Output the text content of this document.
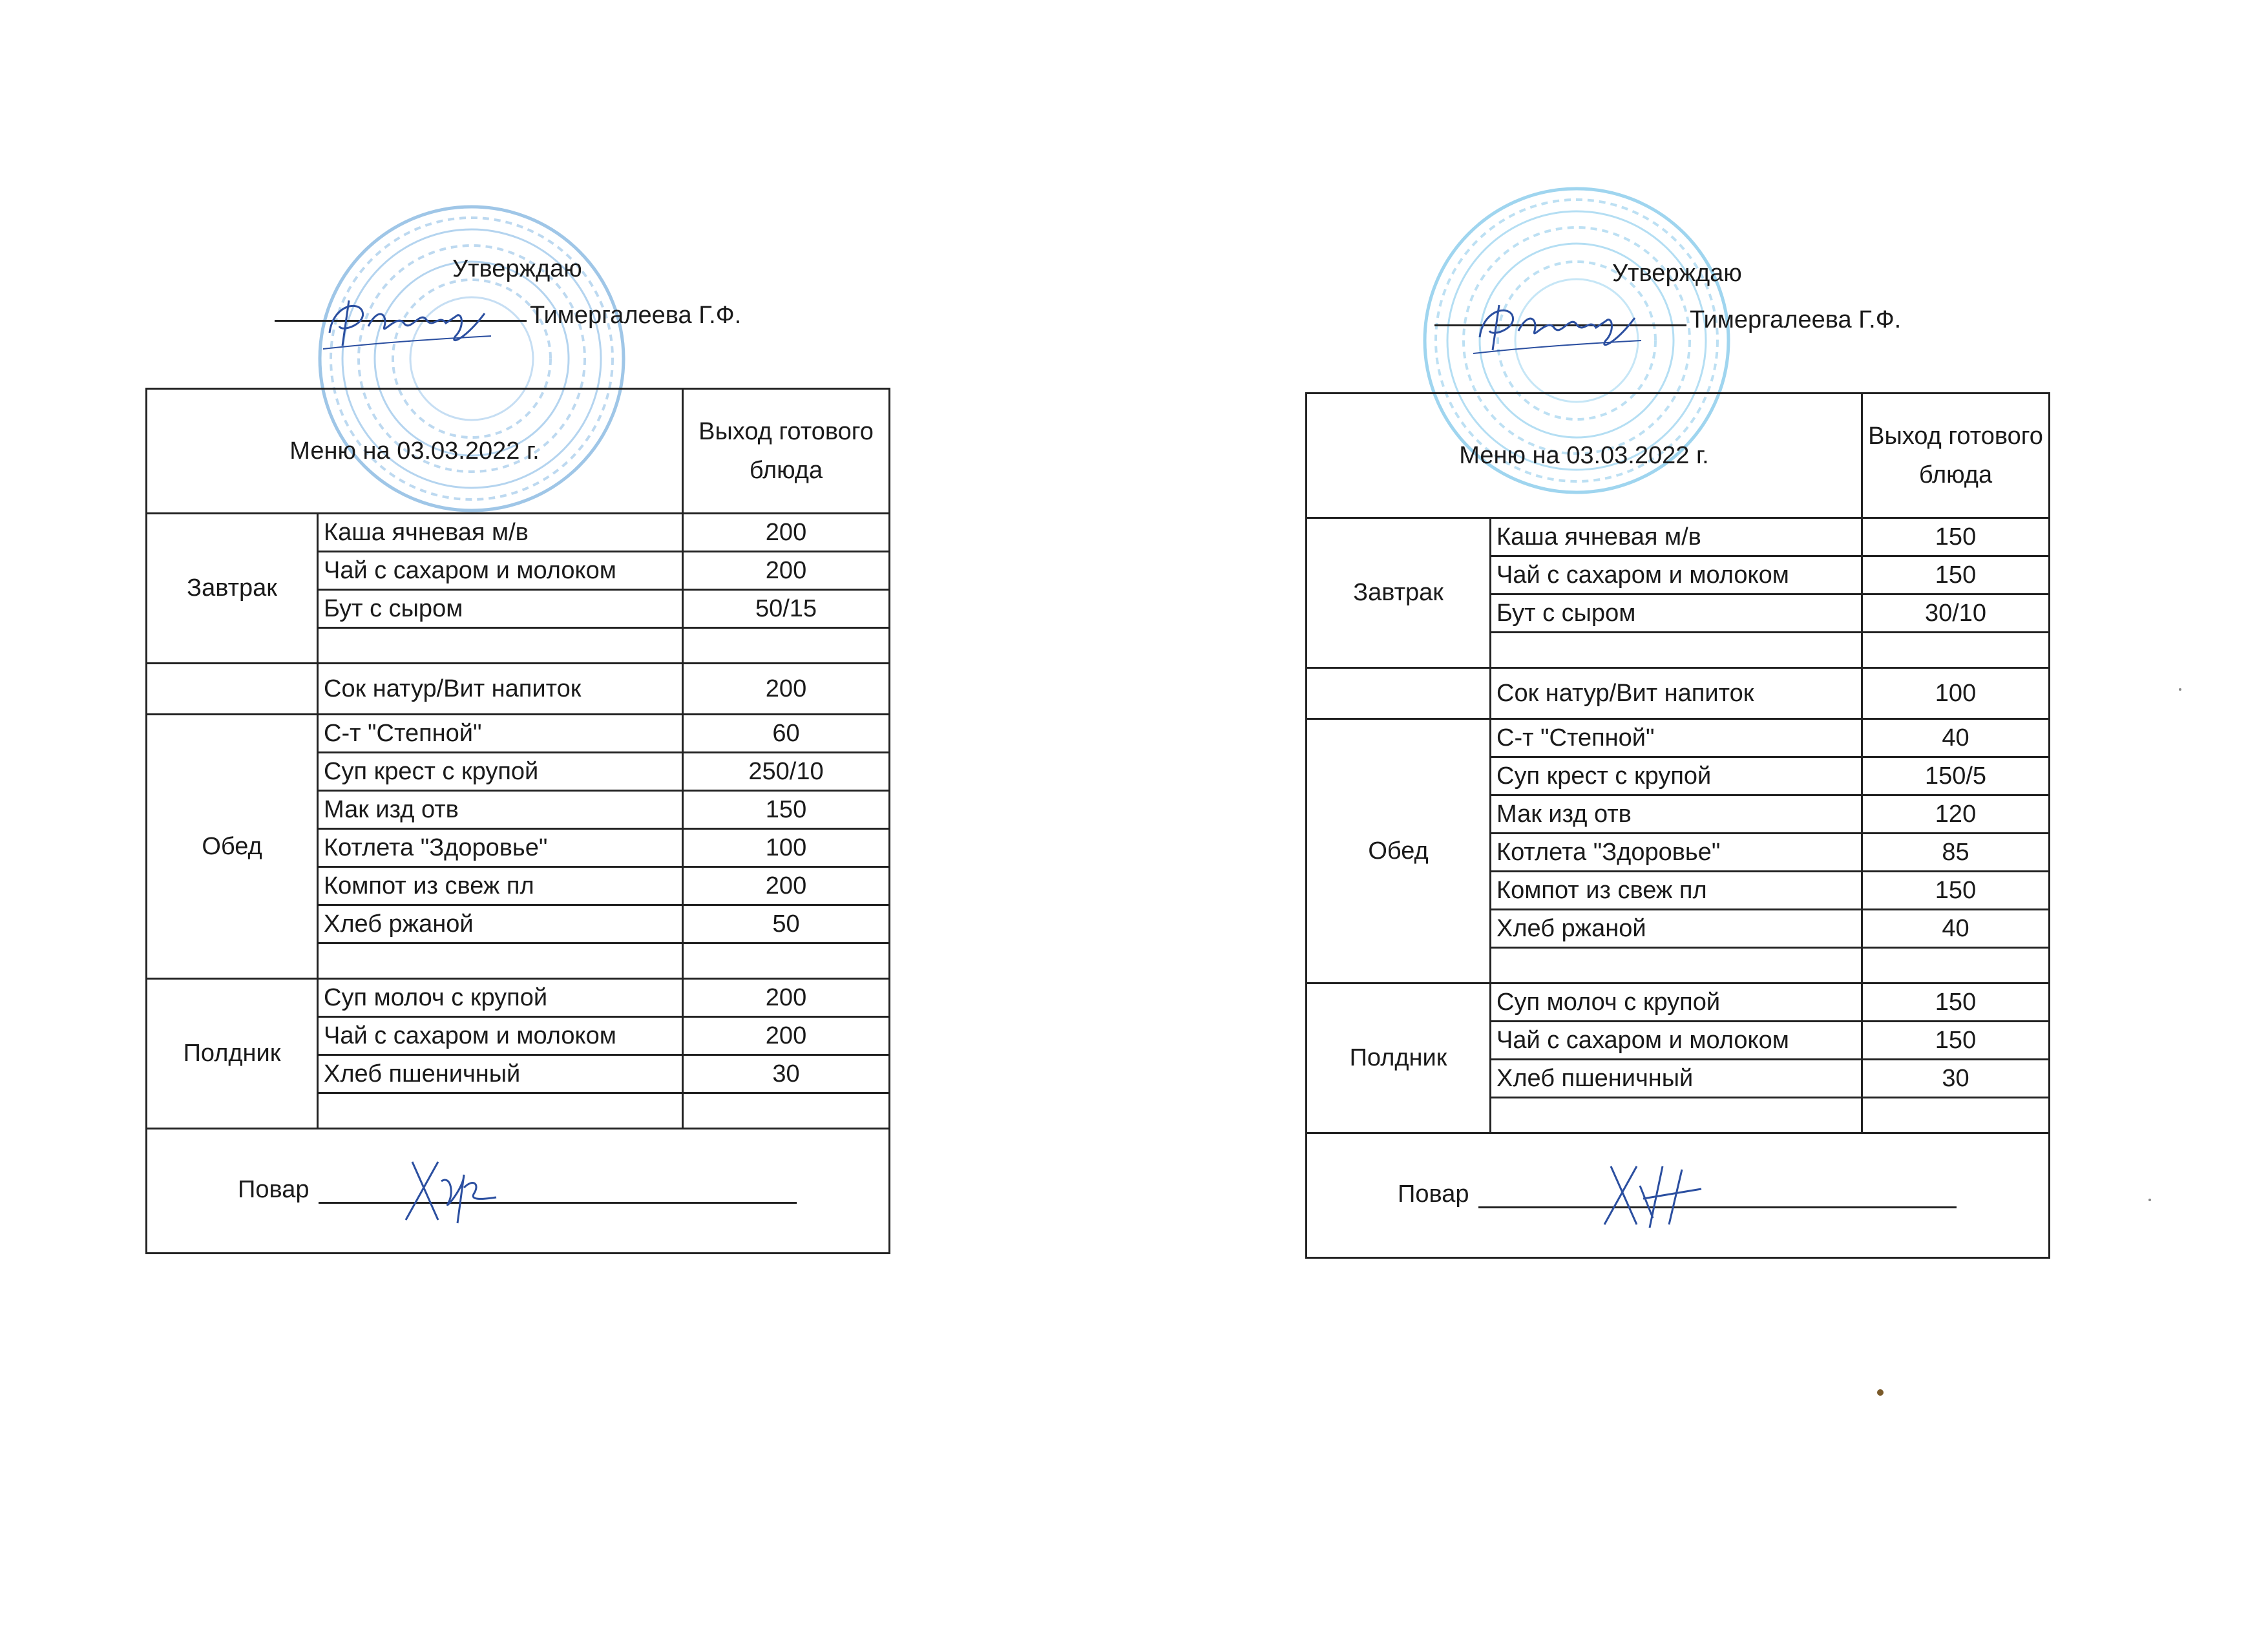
Утверждаю
Тимергалеева Г.Ф.
Меню на 03.03.2022 г.		Выход готового блюда
Завтрак	Каша ячневая м/в	200
	Чай с сахаром и молоком	200
	Бут с сыром	50/15

	Сок натур/Вит напиток	200
Обед	С-т "Степной"	60
	Суп крест с крупой	250/10
	Мак изд отв	150
	Котлета "Здоровье"	100
	Компот из свеж пл	200
	Хлеб ржаной	50

Полдник	Суп молоч с крупой	200
	Чай с сахаром и молоком	200
	Хлеб пшеничный	30

Повар		
Утверждаю
Тимергалеева Г.Ф.
Меню на 03.03.2022 г.		Выход готового блюда
Завтрак	Каша ячневая м/в	150
	Чай с сахаром и молоком	150
	Бут с сыром	30/10

	Сок натур/Вит напиток	100
Обед	С-т "Степной"	40
	Суп крест с крупой	150/5
	Мак изд отв	120
	Котлета "Здоровье"	85
	Компот из свеж пл	150
	Хлеб ржаной	40

Полдник	Суп молоч с крупой	150
	Чай с сахаром и молоком	150
	Хлеб пшеничный	30

Повар		
